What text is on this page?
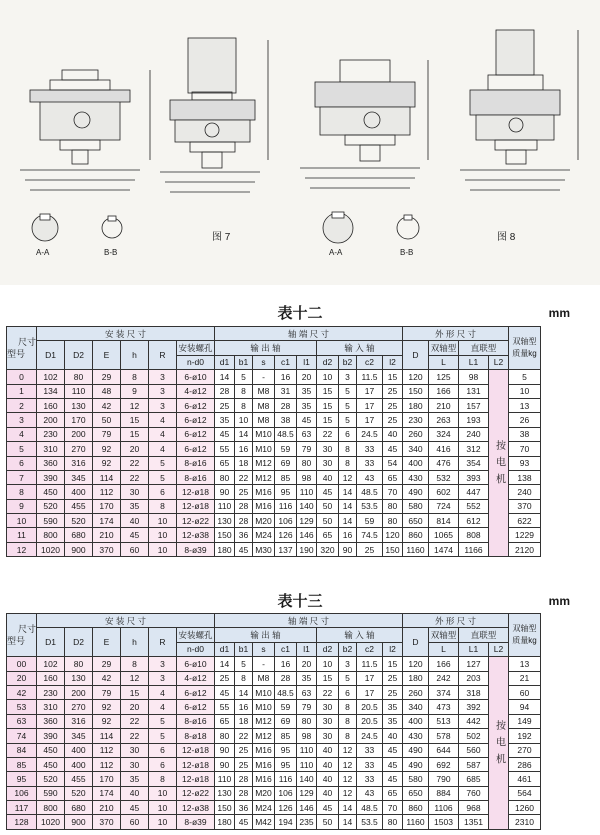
图 7	图 8
A-A	B-B	A-A	B-B
表十二	mm
尺寸
型号	安 装 尺 寸						轴 端 尺 寸									外 形 尺 寸				双轴型质量kg
	D1	D2	E	h	R	安装螺孔	输 出 轴					输 入 轴				D	双轴型	直联型		
						n-d0	d1	b1	s	c1	l1	d2	b2	c2	l2		L	L1	L2	
0	102	80	29	8	3	6-ø10	14	5	-	16	20	10	3	11.5	15	120	125	98	按 电 机	5
1	134	110	48	9	3	4-ø12	28	8	M8	31	35	15	5	17	25	150	166	131		10
2	160	130	42	12	3	6-ø12	25	8	M8	28	35	15	5	17	25	180	210	157		13
3	200	170	50	15	4	6-ø12	35	10	M8	38	45	15	5	17	25	230	263	193		26
4	230	200	79	15	4	6-ø12	45	14	M10	48.5	63	22	6	24.5	40	260	324	240		38
5	310	270	92	20	4	6-ø12	55	16	M10	59	79	30	8	33	45	340	416	312		70
6	360	316	92	22	5	8-ø16	65	18	M12	69	80	30	8	33	54	400	476	354		93
7	390	345	114	22	5	8-ø16	80	22	M12	85	98	40	12	43	65	430	532	393		138
8	450	400	112	30	6	12-ø18	90	25	M16	95	110	45	14	48.5	70	490	602	447		240
9	520	455	170	35	8	12-ø18	110	28	M16	116	140	50	14	53.5	80	580	724	552		370
10	590	520	174	40	10	12-ø22	130	28	M20	106	129	50	14	59	80	650	814	612		622
11	800	680	210	45	10	12-ø38	150	36	M24	126	146	65	16	74.5	120	860	1065	808		1229
12	1020	900	370	60	10	8-ø39	180	45	M30	137	190	320	90	25	150	1160	1474	1166		2120
表十三	mm
尺寸
型号	安 装 尺 寸						轴 端 尺 寸									外 形 尺 寸				双轴型质量kg
	D1	D2	E	h	R	安装螺孔	输 出 轴					输 入 轴				D	双轴型	直联型		
						n-d0	d1	b1	s	c1	l1	d2	b2	c2	l2		L	L1	L2	
00	102	80	29	8	3	6-ø10	14	5	-	16	20	10	3	11.5	15	120	166	127	按 电 机	13
20	160	130	42	12	3	4-ø12	25	8	M8	28	35	15	5	17	25	180	242	203		21
42	230	200	79	15	4	6-ø12	45	14	M10	48.5	63	22	6	17	25	260	374	318		60
53	310	270	92	20	4	6-ø12	55	16	M10	59	79	30	8	20.5	35	340	473	392		94
63	360	316	92	22	5	8-ø16	65	18	M12	69	80	30	8	20.5	35	400	513	442		149
74	390	345	114	22	5	8-ø18	80	22	M12	85	98	30	8	24.5	40	430	578	502		192
84	450	400	112	30	6	12-ø18	90	25	M16	95	110	40	12	33	45	490	644	560		270
85	450	400	112	30	6	12-ø18	90	25	M16	95	110	40	12	33	45	490	692	587		286
95	520	455	170	35	8	12-ø18	110	28	M16	116	140	40	12	33	45	580	790	685		461
106	590	520	174	40	10	12-ø22	130	28	M20	106	129	40	12	43	65	650	884	760		564
117	800	680	210	45	10	12-ø38	150	36	M24	126	146	45	14	48.5	70	860	1106	968		1260
128	1020	900	370	60	10	8-ø39	180	45	M42	194	235	50	14	53.5	80	1160	1503	1351		2310
